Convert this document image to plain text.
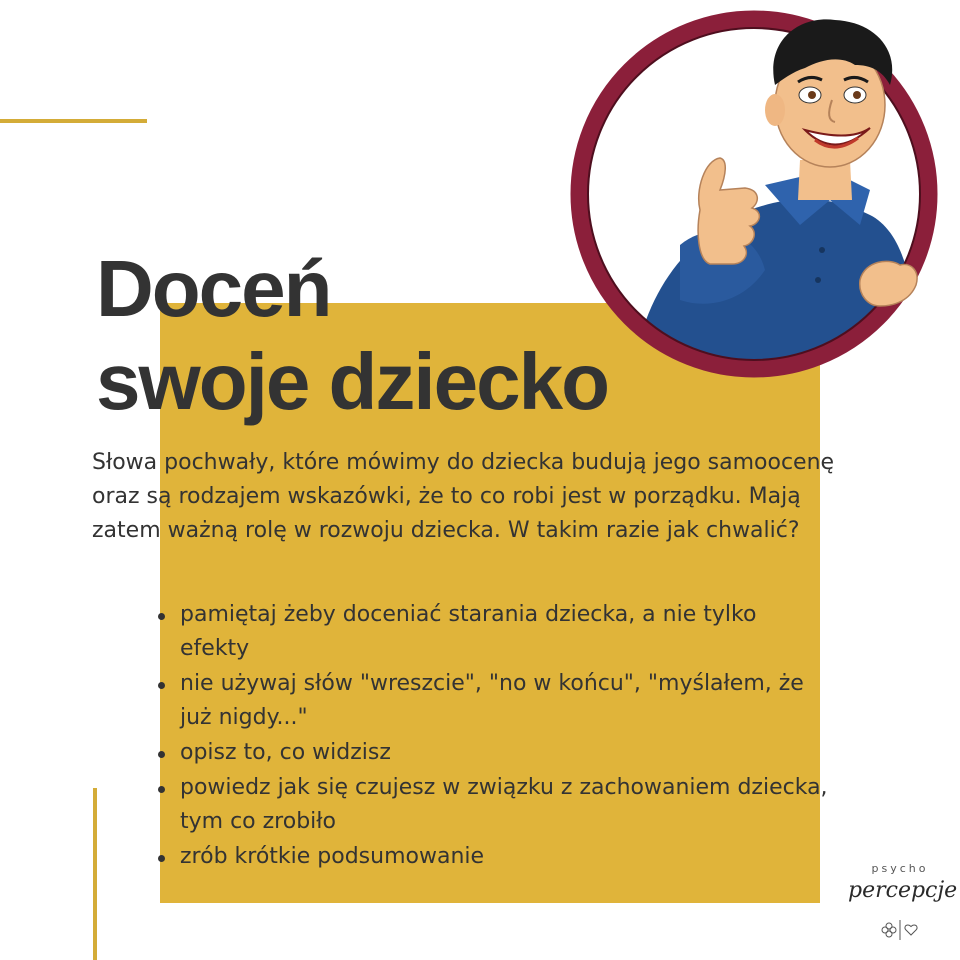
Doceń
swoje dziecko

Słowa pochwały, które mówimy do dziecka budują jego samoocenę oraz są rodzajem wskazówki, że to co robi jest w porządku. Mają zatem ważną rolę w rozwoju dziecka. W takim razie jak chwalić?

pamiętaj żeby doceniać starania dziecka, a nie tylko efekty
nie używaj słów "wreszcie", "no w końcu", "myślałem, że już nigdy..."
opisz to, co widzisz
powiedz jak się czujesz w związku z zachowaniem dziecka, tym co zrobiło
zrób krótkie podsumowanie	psycho
percepcje
